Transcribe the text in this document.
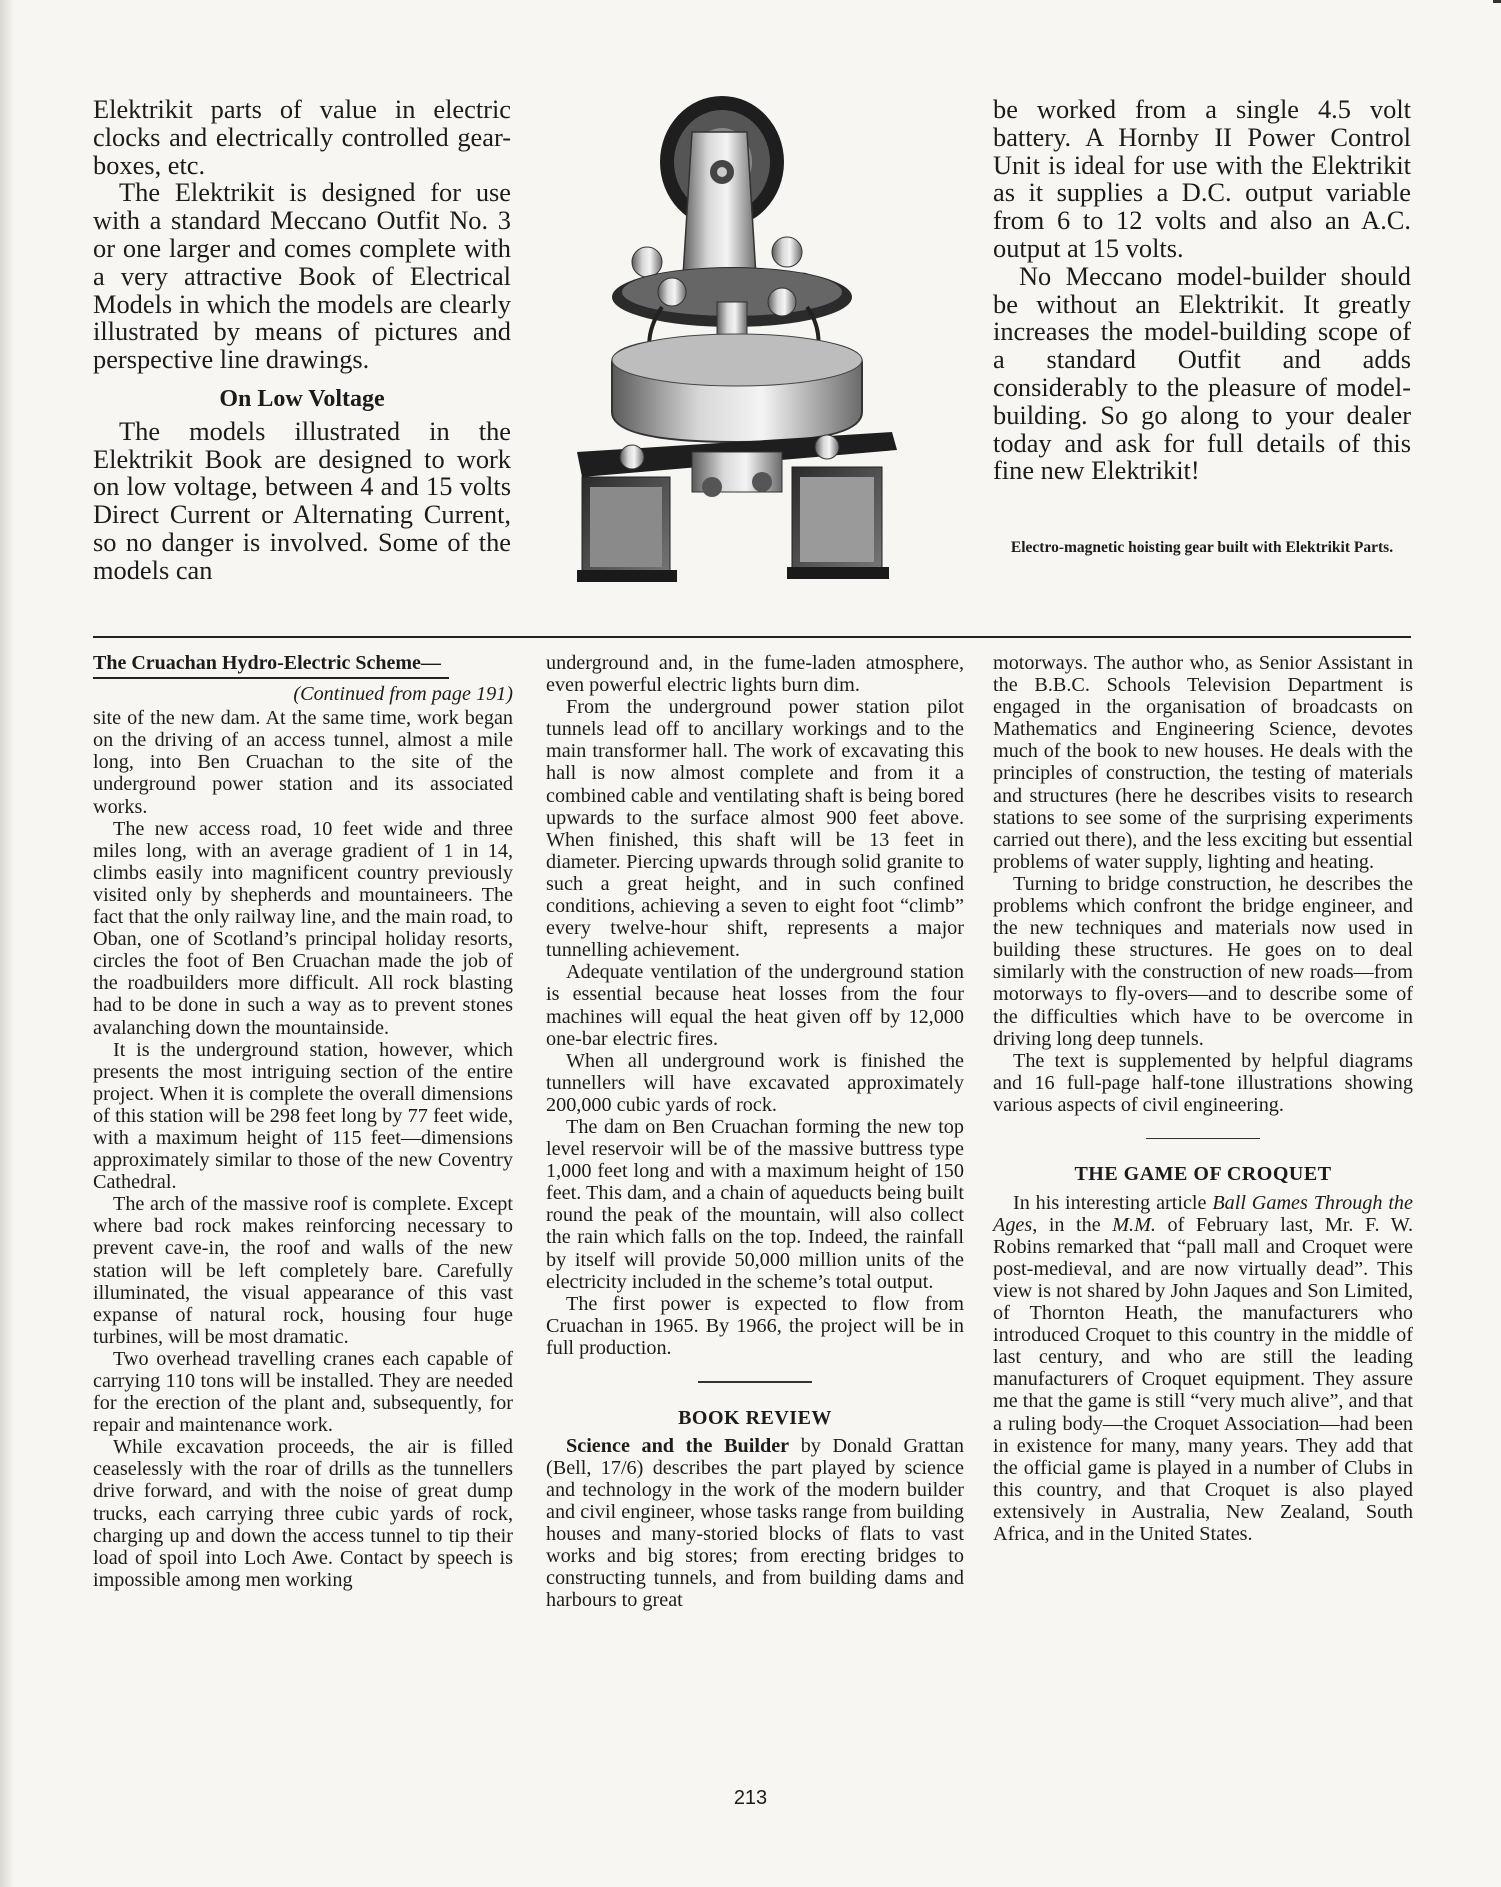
Elektrikit parts of value in electric clocks and electrically controlled gear-boxes, etc.

The Elektrikit is designed for use with a standard Meccano Outfit No. 3 or one larger and comes complete with a very attractive Book of Electrical Models in which the models are clearly illustrated by means of pictures and perspective line drawings.

On Low Voltage

The models illustrated in the Elektrikit Book are designed to work on low voltage, between 4 and 15 volts Direct Current or Alternating Current, so no danger is involved. Some of the models can

be worked from a single 4.5 volt battery. A Hornby II Power Control Unit is ideal for use with the Elektrikit as it supplies a D.C. output variable from 6 to 12 volts and also an A.C. output at 15 volts.

No Meccano model-builder should be without an Elektrikit. It greatly increases the model-building scope of a standard Outfit and adds considerably to the pleasure of model-building. So go along to your dealer today and ask for full details of this fine new Elektrikit!

Electro-magnetic hoisting gear built with Elektrikit Parts.
The Cruachan Hydro-Electric Scheme—
(Continued from page 191)

site of the new dam. At the same time, work began on the driving of an access tunnel, almost a mile long, into Ben Cruachan to the site of the underground power station and its associated works.

The new access road, 10 feet wide and three miles long, with an average gradient of 1 in 14, climbs easily into magnificent country previously visited only by shepherds and mountaineers. The fact that the only railway line, and the main road, to Oban, one of Scotland’s principal holiday resorts, circles the foot of Ben Cruachan made the job of the roadbuilders more difficult. All rock blasting had to be done in such a way as to prevent stones avalanching down the mountainside.

It is the underground station, however, which presents the most intriguing section of the entire project. When it is complete the overall dimensions of this station will be 298 feet long by 77 feet wide, with a maximum height of 115 feet—dimensions approximately similar to those of the new Coventry Cathedral.

The arch of the massive roof is complete. Except where bad rock makes reinforcing necessary to prevent cave-in, the roof and walls of the new station will be left completely bare. Carefully illuminated, the visual appearance of this vast expanse of natural rock, housing four huge turbines, will be most dramatic.

Two overhead travelling cranes each capable of carrying 110 tons will be installed. They are needed for the erection of the plant and, subsequently, for repair and maintenance work.

While excavation proceeds, the air is filled ceaselessly with the roar of drills as the tunnellers drive forward, and with the noise of great dump trucks, each carrying three cubic yards of rock, charging up and down the access tunnel to tip their load of spoil into Loch Awe. Contact by speech is impossible among men working

underground and, in the fume-laden atmosphere, even powerful electric lights burn dim.

From the underground power station pilot tunnels lead off to ancillary workings and to the main transformer hall. The work of excavating this hall is now almost complete and from it a combined cable and ventilating shaft is being bored upwards to the surface almost 900 feet above. When finished, this shaft will be 13 feet in diameter. Piercing upwards through solid granite to such a great height, and in such confined conditions, achieving a seven to eight foot “climb” every twelve-hour shift, represents a major tunnelling achievement.

Adequate ventilation of the underground station is essential because heat losses from the four machines will equal the heat given off by 12,000 one-bar electric fires.

When all underground work is finished the tunnellers will have excavated approximately 200,000 cubic yards of rock.

The dam on Ben Cruachan forming the new top level reservoir will be of the massive buttress type 1,000 feet long and with a maximum height of 150 feet. This dam, and a chain of aqueducts being built round the peak of the mountain, will also collect the rain which falls on the top. Indeed, the rainfall by itself will provide 50,000 million units of the electricity included in the scheme’s total output.

The first power is expected to flow from Cruachan in 1965. By 1966, the project will be in full production.

BOOK REVIEW

Science and the Builder by Donald Grattan (Bell, 17/6) describes the part played by science and technology in the work of the modern builder and civil engineer, whose tasks range from building houses and many-storied blocks of flats to vast works and big stores; from erecting bridges to constructing tunnels, and from building dams and harbours to great

motorways. The author who, as Senior Assistant in the B.B.C. Schools Television Department is engaged in the organisation of broadcasts on Mathematics and Engineering Science, devotes much of the book to new houses. He deals with the principles of construction, the testing of materials and structures (here he describes visits to research stations to see some of the surprising experiments carried out there), and the less exciting but essential problems of water supply, lighting and heating.

Turning to bridge construction, he describes the problems which confront the bridge engineer, and the new techniques and materials now used in building these structures. He goes on to deal similarly with the construction of new roads—from motorways to fly-overs—and to describe some of the difficulties which have to be overcome in driving long deep tunnels.

The text is supplemented by helpful diagrams and 16 full-page half-tone illustrations showing various aspects of civil engineering.

THE GAME OF CROQUET

In his interesting article Ball Games Through the Ages, in the M.M. of February last, Mr. F. W. Robins remarked that “pall mall and Croquet were post-medieval, and are now virtually dead”. This view is not shared by John Jaques and Son Limited, of Thornton Heath, the manufacturers who introduced Croquet to this country in the middle of last century, and who are still the leading manufacturers of Croquet equipment. They assure me that the game is still “very much alive”, and that a ruling body—the Croquet Association—had been in existence for many, many years. They add that the official game is played in a number of Clubs in this country, and that Croquet is also played extensively in Australia, New Zealand, South Africa, and in the United States.

213
